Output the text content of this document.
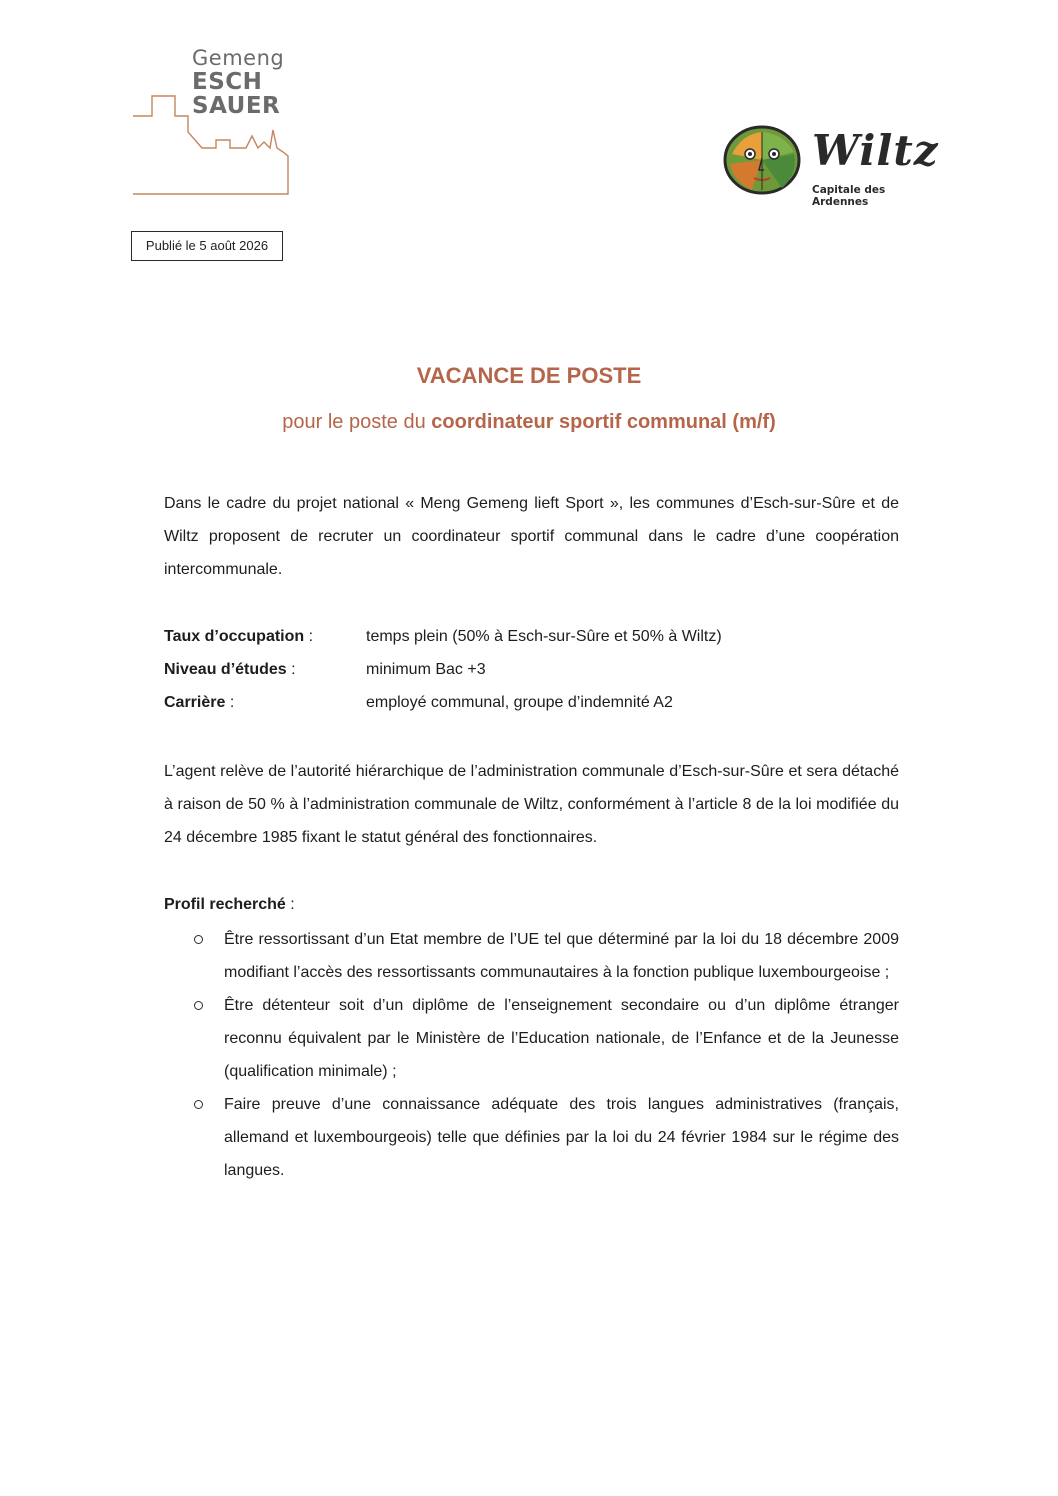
Gemeng
ESCH
SAUER
Wiltz
Capitale des Ardennes
Publié le 5 août 2026
VACANCE DE POSTE
pour le poste du coordinateur sportif communal (m/f)
Dans le cadre du projet national « Meng Gemeng lieft Sport », les communes d’Esch-sur-Sûre et de Wiltz proposent de recruter un coordinateur sportif communal dans le cadre d’une coopération intercommunale.
Taux d’occupation :	temps plein (50% à Esch-sur-Sûre et 50% à Wiltz)
Niveau d’études :	minimum Bac +3
Carrière :	employé communal, groupe d’indemnité A2
L’agent relève de l’autorité hiérarchique de l’administration communale d’Esch-sur-Sûre et sera détaché à raison de 50 % à l’administration communale de Wiltz, conformément à l’article 8 de la loi modifiée du 24 décembre 1985 fixant le statut général des fonctionnaires.
Profil recherché :
Être ressortissant d’un Etat membre de l’UE tel que déterminé par la loi du 18 décembre 2009 modifiant l’accès des ressortissants communautaires à la fonction publique luxembourgeoise ;
Être détenteur soit d’un diplôme de l’enseignement secondaire ou d’un diplôme étranger reconnu équivalent par le Ministère de l’Education nationale, de l’Enfance et de la Jeunesse (qualification minimale) ;
Faire preuve d’une connaissance adéquate des trois langues administratives (français, allemand et luxembourgeois) telle que définies par la loi du 24 février 1984 sur le régime des langues.
